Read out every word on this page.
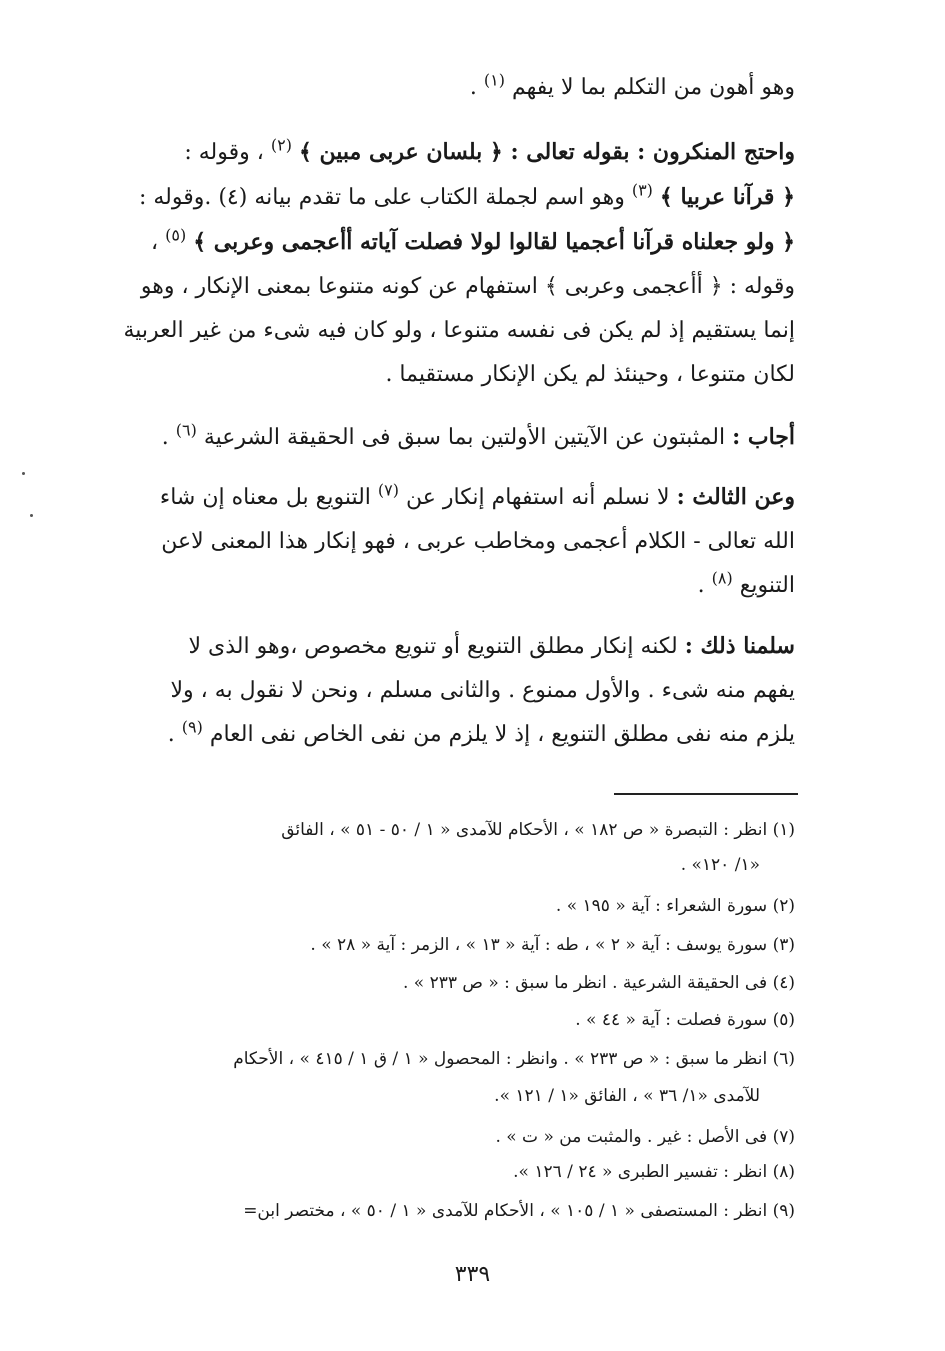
وهو أهون من التكلم بما لا يفهم $^{(١)}$ .
واحتج المنكرون : بقوله تعالى : ﴿ بلسان عربى مبين ﴾ $^{(٢)}$ ، وقوله :
﴿ قرآنا عربيا ﴾ $^{(٣)}$ وهو اسم لجملة الكتاب على ما تقدم بيانه (٤) .وقوله :
﴿ ولو جعلناه قرآنا أعجميا لقالوا لولا فصلت آياته أأعجمى وعربى ﴾ $^{(٥)}$ ،
وقوله : ﴿ أأعجمى وعربى ﴾ استفهام عن كونه متنوعا بمعنى الإنكار ، وهو
إنما يستقيم إذ لم يكن فى نفسه متنوعا ، ولو كان فيه شىء من غير العربية
لكان متنوعا ، وحينئذ لم يكن الإنكار مستقيما .
أجاب : المثبتون عن الآيتين الأولتين بما سبق فى الحقيقة الشرعية $^{(٦)}$ .
وعن الثالث : لا نسلم أنه استفهام إنكار عن $^{(٧)}$ التنويع بل معناه إن شاء
الله تعالى - الكلام أعجمى ومخاطب عربى ، فهو إنكار هذا المعنى لاعن
التنويع $^{(٨)}$ .
سلمنا ذلك : لكنه إنكار مطلق التنويع أو تنويع مخصوص ،وهو الذى لا
يفهم منه شىء . والأول ممنوع . والثانى مسلم ، ونحن لا نقول به ، ولا
يلزم منه نفى مطلق التنويع ، إذ لا يلزم من نفى الخاص نفى العام $^{(٩)}$ .
(١) انظر : التبصرة « ص ١٨٢ » ، الأحكام للآمدى « ١ / ٥٠ - ٥١ » ، الفائق
«١/ ١٢٠» .
(٢) سورة الشعراء : آية « ١٩٥ » .
(٣) سورة يوسف : آية « ٢ » ، طه : آية « ١٣ » ، الزمر : آية « ٢٨ » .
(٤) فى الحقيقة الشرعية . انظر ما سبق : « ص ٢٣٣ » .
(٥) سورة فصلت : آية « ٤٤ » .
(٦) انظر ما سبق : « ص ٢٣٣ » . وانظر : المحصول « ١ / ق ١ / ٤١٥ » ، الأحكام
للآمدى «١/ ٣٦ » ، الفائق «١ / ١٢١ ».
(٧) فى الأصل : غير . والمثبت من « ت » .
(٨) انظر : تفسير الطبرى « ٢٤ / ١٢٦ ».
(٩) انظر : المستصفى « ١ / ١٠٥ » ، الأحكام للآمدى « ١ / ٥٠ » ، مختصر ابن=
٣٣٩
